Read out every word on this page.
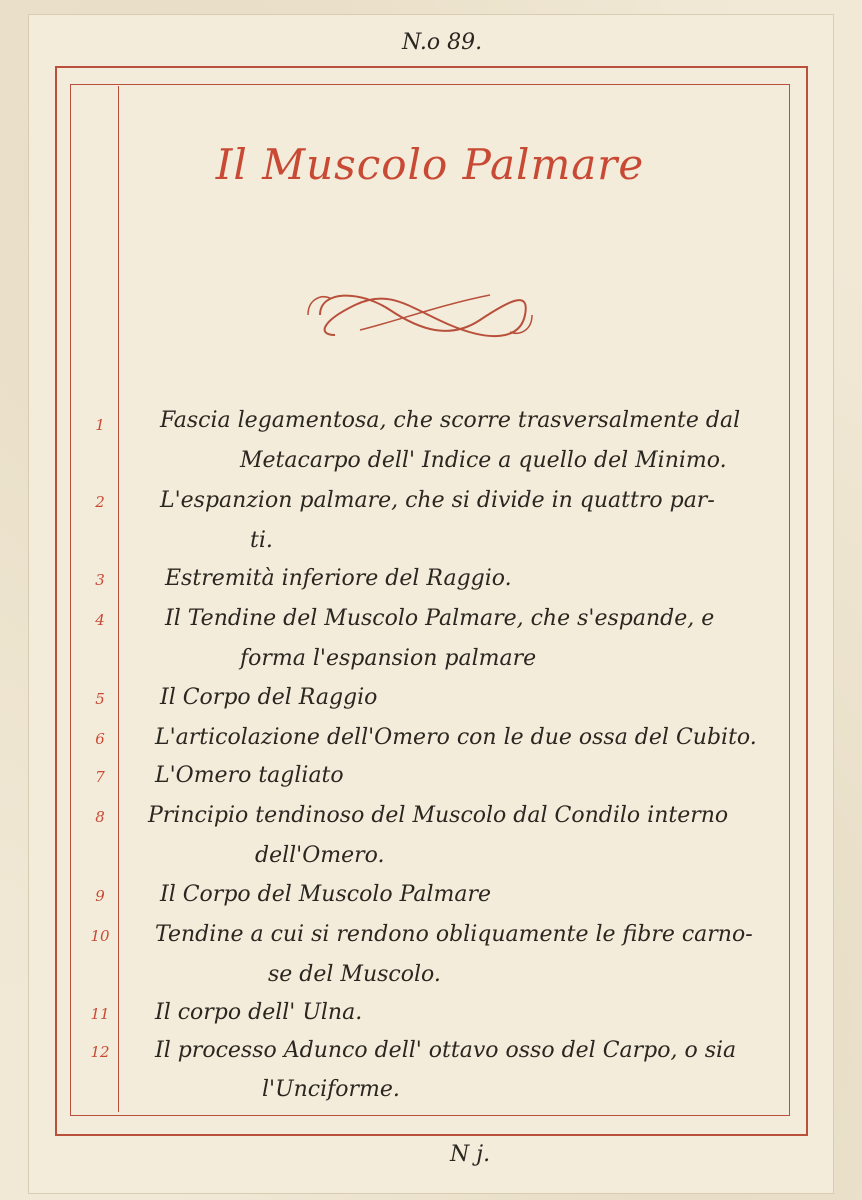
N.o 89.
Il Muscolo Palmare
1
2
3
4
5
6
7
8
9
10
11
12
Fascia legamentosa, che scorre trasversalmente dal
Metacarpo dell' Indice a quello del Minimo.
L'espanzion palmare, che si divide in quattro par-
ti.
Estremità inferiore del Raggio.
Il Tendine del Muscolo Palmare, che s'espande, e
forma l'espansion palmare
Il Corpo del Raggio
L'articolazione dell'Omero con le due ossa del Cubito.
L'Omero tagliato
Principio tendinoso del Muscolo dal Condilo interno
dell'Omero.
Il Corpo del Muscolo Palmare
Tendine a cui si rendono obliquamente le fibre carno-
se del Muscolo.
Il corpo dell' Ulna.
Il processo Adunco dell' ottavo osso del Carpo, o sia
l'Unciforme.
N j.
